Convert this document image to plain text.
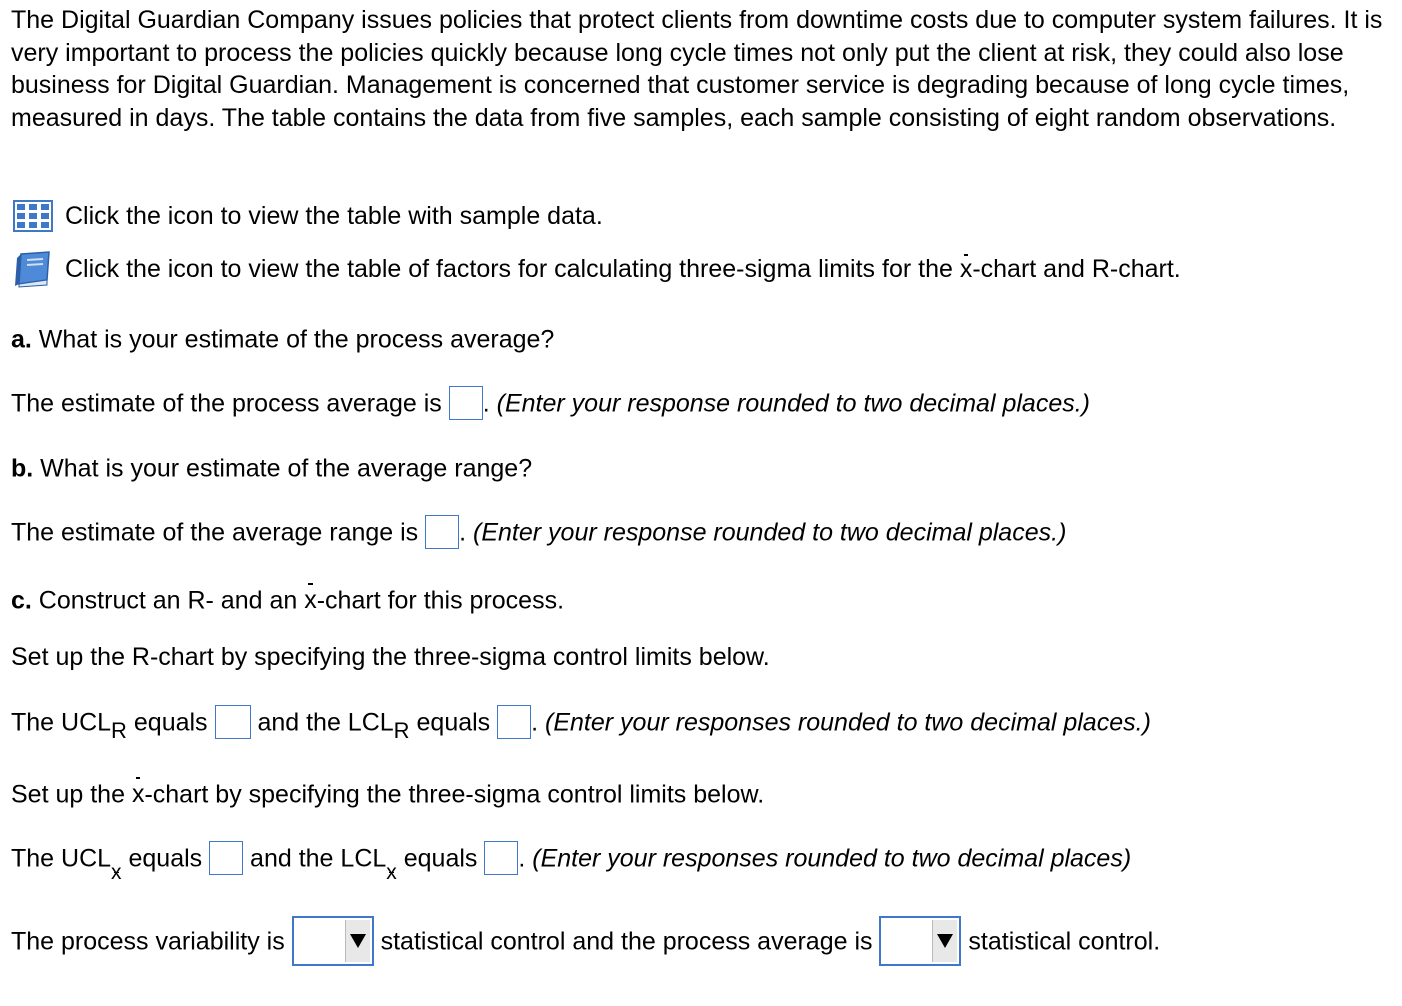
The Digital Guardian Company issues policies that protect clients from downtime costs due to computer system failures. It is very important to process the policies quickly because long cycle times not only put the client at risk, they could also lose business for Digital Guardian. Management is concerned that customer service is degrading because of long cycle times, measured in days. The table contains the data from five samples, each sample consisting of eight random observations.

Click the icon to view the table with sample data.
Click the icon to view the table of factors for calculating three-sigma limits for the x-chart and R-chart.
a. What is your estimate of the process average?
The estimate of the process average is . (Enter your response rounded to two decimal places.)
b. What is your estimate of the average range?
The estimate of the average range is . (Enter your response rounded to two decimal places.)
c. Construct an R- and an x-chart for this process.
Set up the R-chart by specifying the three-sigma control limits below.
The $UCL_R$ equals  and the $LCL_R$ equals . (Enter your responses rounded to two decimal places.)
Set up the x-chart by specifying the three-sigma control limits below.
The $UCL_x$ equals  and the $LCL_x$ equals . (Enter your responses rounded to two decimal places)
The process variability is	statistical control and the process average is	statistical control.
